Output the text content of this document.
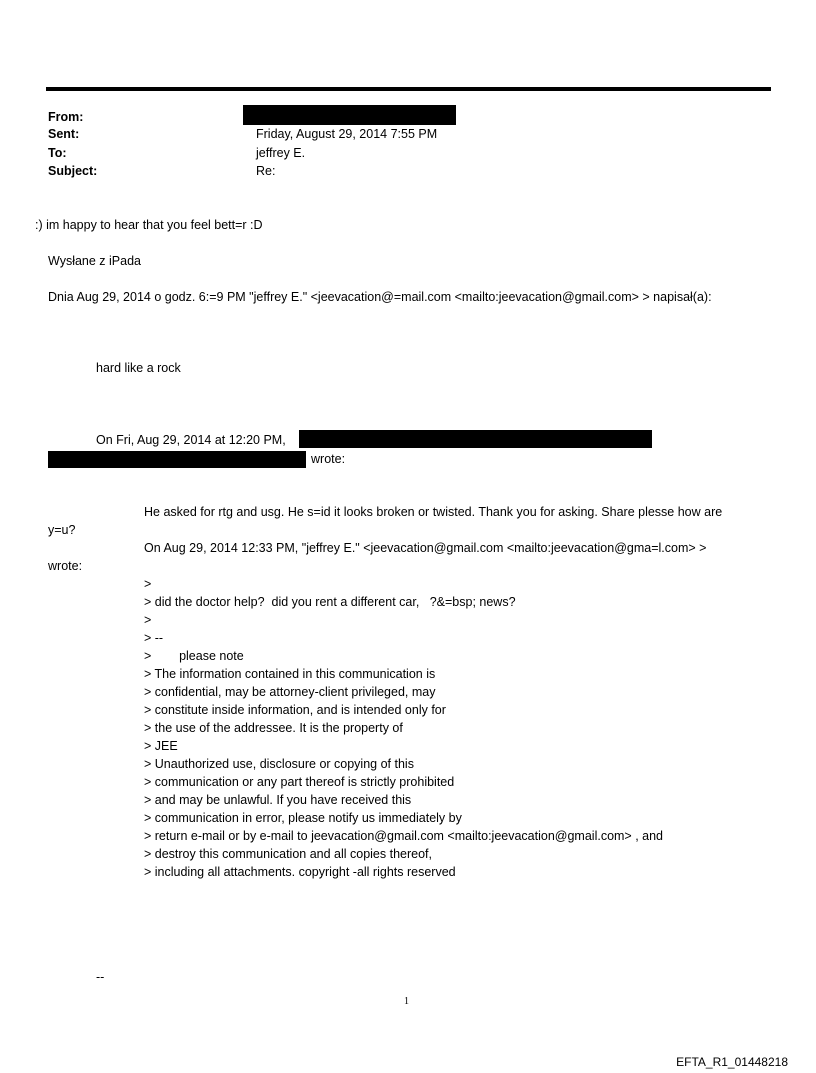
From:
Sent:	Friday, August 29, 2014 7:55 PM
To:	jeffrey E.
Subject:	Re:
:) im happy to hear that you feel bett=r :D
Wysłane z iPada
Dnia Aug 29, 2014 o godz. 6:=9 PM "jeffrey E." <jeevacation@=mail.com <mailto:jeevacation@gmail.com> > napisał(a):
hard like a rock
On Fri, Aug 29, 2014 at 12:20 PM,
wrote:
He asked for rtg and usg. He s=id it looks broken or twisted. Thank you for asking. Share plesse how are
y=u?
On Aug 29, 2014 12:33 PM, "jeffrey E." <jeevacation@gmail.com <mailto:jeevacation@gma=l.com> >
wrote:
>
> did the doctor help?  did you rent a different car,   ?&=bsp; news?
>
> --
>        please note
> The information contained in this communication is
> confidential, may be attorney-client privileged, may
> constitute inside information, and is intended only for
> the use of the addressee. It is the property of
> JEE
> Unauthorized use, disclosure or copying of this
> communication or any part thereof is strictly prohibited
> and may be unlawful. If you have received this
> communication in error, please notify us immediately by
> return e-mail or by e-mail to jeevacation@gmail.com <mailto:jeevacation@gmail.com> , and
> destroy this communication and all copies thereof,
> including all attachments. copyright -all rights reserved
--
1
EFTA_R1_01448218
